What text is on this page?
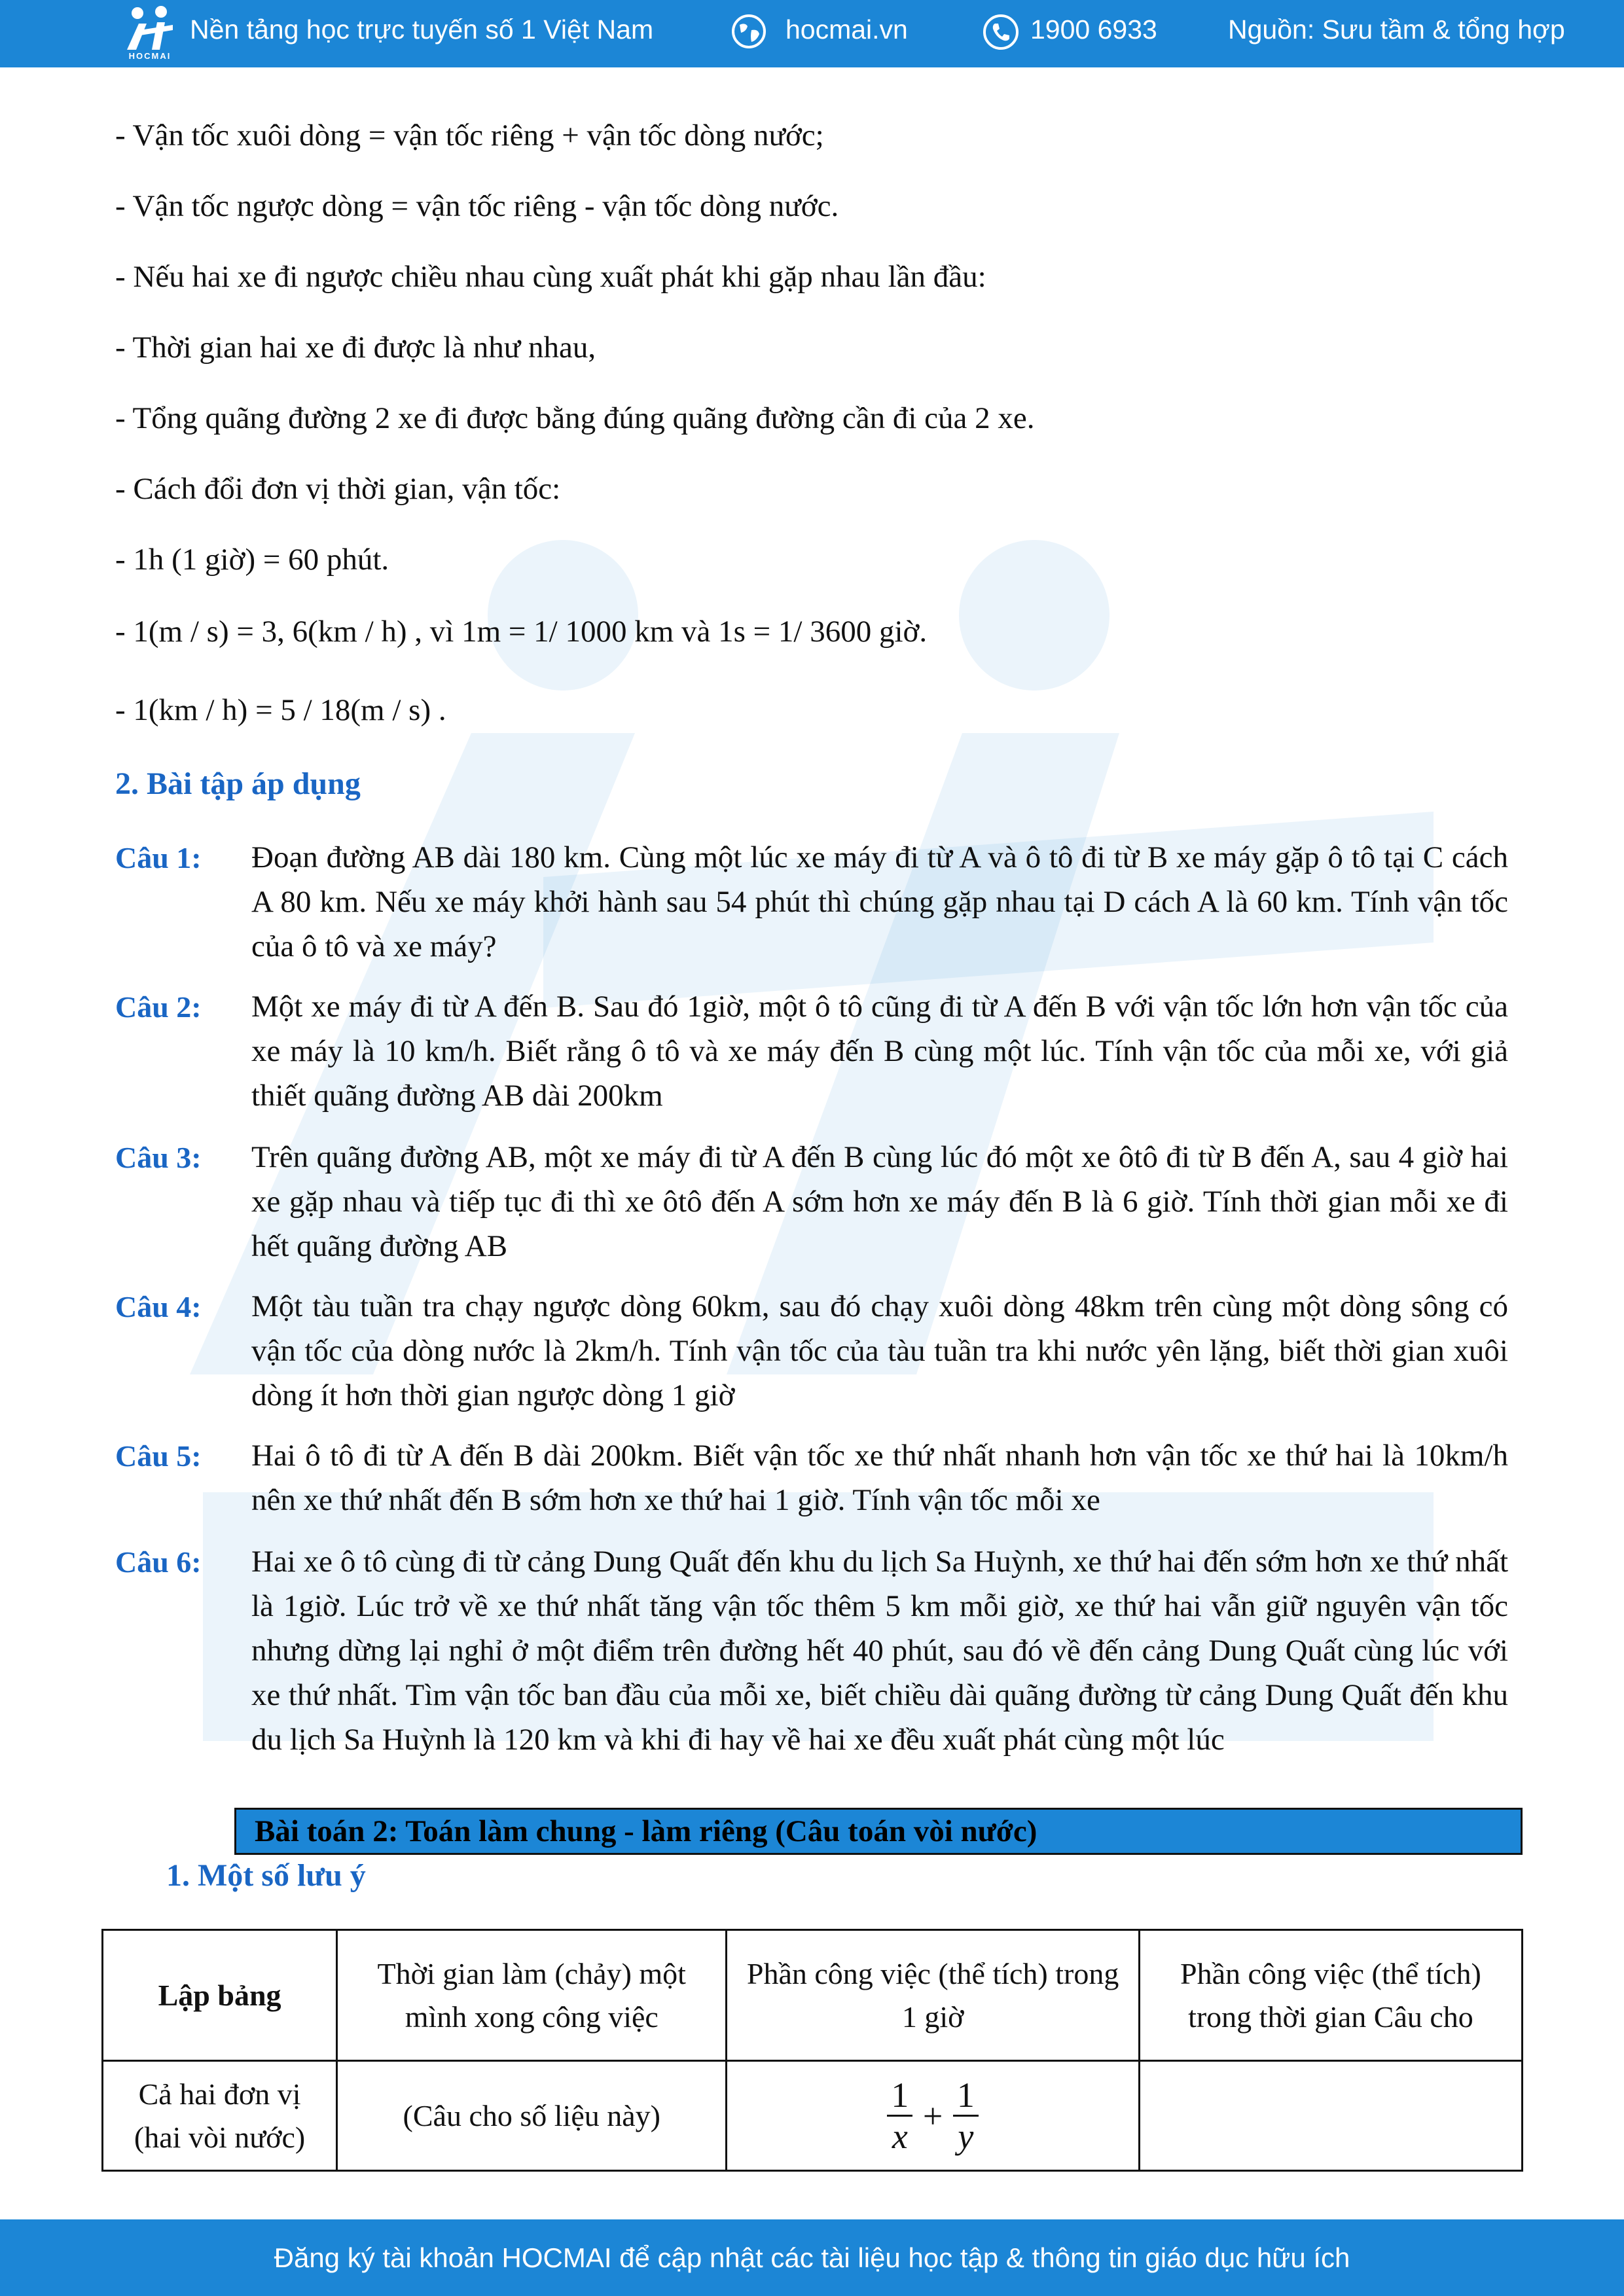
HOCMAI
Nền tảng học trực tuyến số 1 Việt Nam	hocmai.vn	1900 6933	Nguồn: Sưu tầm & tổng hợp
- Vận tốc xuôi dòng = vận tốc riêng + vận tốc dòng nước;
- Vận tốc ngược dòng = vận tốc riêng - vận tốc dòng nước.
- Nếu hai xe đi ngược chiều nhau cùng xuất phát khi gặp nhau lần đầu:
- Thời gian hai xe đi được là như nhau,
- Tổng quãng đường 2 xe đi được bằng đúng quãng đường cần đi của 2 xe.
- Cách đổi đơn vị thời gian, vận tốc:
- 1h (1 giờ) = 60 phút.
- 1(m / s) = 3, 6(km / h) , vì 1m = 1/ 1000 km và 1s = 1/ 3600 giờ.
- 1(km / h) = 5 / 18(m / s) .
2. Bài tập áp dụng
Câu 1: Đoạn đường AB dài 180 km. Cùng một lúc xe máy đi từ A và ô tô đi từ B xe máy gặp ô tô tại C cách A 80 km. Nếu xe máy khởi hành sau 54 phút thì chúng gặp nhau tại D cách A là 60 km. Tính vận tốc của ô tô và xe máy?
Câu 2: Một xe máy đi từ A đến B. Sau đó 1giờ, một ô tô cũng đi từ A đến B với vận tốc lớn hơn vận tốc của xe máy là 10 km/h. Biết rằng ô tô và xe máy đến B cùng một lúc. Tính vận tốc của mỗi xe, với giả thiết quãng đường AB dài 200km
Câu 3: Trên quãng đường AB, một xe máy đi từ A đến B cùng lúc đó một xe ôtô đi từ B đến A, sau 4 giờ hai xe gặp nhau và tiếp tục đi thì xe ôtô đến A sớm hơn xe máy đến B là 6 giờ. Tính thời gian mỗi xe đi hết quãng đường AB
Câu 4: Một tàu tuần tra chạy ngược dòng 60km, sau đó chạy xuôi dòng 48km trên cùng một dòng sông có vận tốc của dòng nước là 2km/h. Tính vận tốc của tàu tuần tra khi nước yên lặng, biết thời gian xuôi dòng ít hơn thời gian ngược dòng 1 giờ
Câu 5: Hai ô tô đi từ A đến B dài 200km. Biết vận tốc xe thứ nhất nhanh hơn vận tốc xe thứ hai là 10km/h nên xe thứ nhất đến B sớm hơn xe thứ hai 1 giờ. Tính vận tốc mỗi xe
Câu 6: Hai xe ô tô cùng đi từ cảng Dung Quất đến khu du lịch Sa Huỳnh, xe thứ hai đến sớm hơn xe thứ nhất là 1giờ. Lúc trở về xe thứ nhất tăng vận tốc thêm 5 km mỗi giờ, xe thứ hai vẫn giữ nguyên vận tốc nhưng dừng lại nghỉ ở một điểm trên đường hết 40 phút, sau đó về đến cảng Dung Quất cùng lúc với xe thứ nhất. Tìm vận tốc ban đầu của mỗi xe, biết chiều dài quãng đường từ cảng Dung Quất đến khu du lịch Sa Huỳnh là 120 km và khi đi hay về hai xe đều xuất phát cùng một lúc
Bài toán 2: Toán làm chung - làm riêng (Câu toán vòi nước)
1. Một số lưu ý
Lập bảng	Thời gian làm (chảy) một mình xong công việc	Phần công việc (thể tích) trong 1 giờ	Phần công việc (thể tích) trong thời gian Câu cho
Cả hai đơn vị (hai vòi nước)	(Câu cho số liệu này)	$\frac{1}{x} + \frac{1}{y}$

Đăng ký tài khoản HOCMAI để cập nhật các tài liệu học tập & thông tin giáo dục hữu ích
